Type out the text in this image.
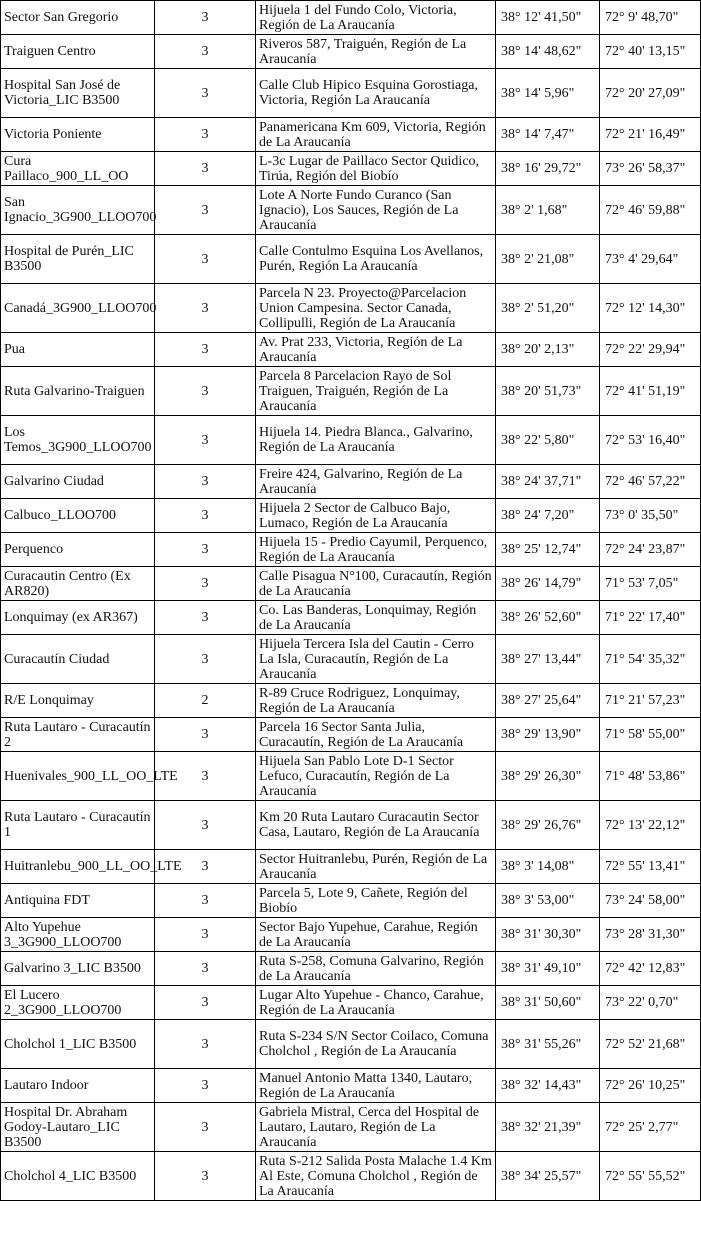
Sector San Gregorio	3	Hijuela 1 del Fundo Colo, Victoria, Región de La Araucanía	38° 12' 41,50"	72° 9' 48,70"
Traiguen Centro	3	Riveros 587, Traiguén, Región de La Araucanía	38° 14' 48,62"	72° 40' 13,15"
Hospital San José de Victoria_LIC B3500	3	Calle Club Hipico Esquina Gorostiaga, Victoria, Región La Araucanía	38° 14' 5,96"	72° 20' 27,09"
Victoria Poniente	3	Panamericana Km 609, Victoria, Región de La Araucanía	38° 14' 7,47"	72° 21' 16,49"
Cura Paillaco_900_LL_OO	3	L-3c Lugar de Paillaco Sector Quidico, Tirúa, Región del Biobío	38° 16' 29,72"	73° 26' 58,37"
San Ignacio_3G900_LLOO700	3	Lote A Norte Fundo Curanco (San Ignacio), Los Sauces, Región de La Araucanía	38° 2' 1,68"	72° 46' 59,88"
Hospital de Purén_LIC B3500	3	Calle Contulmo Esquina Los Avellanos, Purén, Región La Araucanía	38° 2' 21,08"	73° 4' 29,64"
Canadá_3G900_LLOO700	3	Parcela N 23. Proyecto@Parcelacion Union Campesina. Sector Canada, Collipulli, Región de La Araucanía	38° 2' 51,20"	72° 12' 14,30"
Pua	3	Av. Prat 233, Victoria, Región de La Araucanía	38° 20' 2,13"	72° 22' 29,94"
Ruta Galvarino-Traiguen	3	Parcela 8 Parcelacion Rayo de Sol Traiguen, Traiguén, Región de La Araucanía	38° 20' 51,73"	72° 41' 51,19"
Los Temos_3G900_LLOO700	3	Hijuela 14. Piedra Blanca., Galvarino, Región de La Araucanía	38° 22' 5,80"	72° 53' 16,40"
Galvarino Ciudad	3	Freire 424, Galvarino, Región de La Araucanía	38° 24' 37,71"	72° 46' 57,22"
Calbuco_LLOO700	3	Hijuela 2 Sector de Calbuco Bajo, Lumaco, Región de La Araucanía	38° 24' 7,20"	73° 0' 35,50"
Perquenco	3	Hijuela 15 - Predio Cayumil, Perquenco, Región de La Araucanía	38° 25' 12,74"	72° 24' 23,87"
Curacautin Centro (Ex AR820)	3	Calle Pisagua N°100, Curacautín, Región de La Araucanía	38° 26' 14,79"	71° 53' 7,05"
Lonquimay (ex AR367)	3	Co. Las Banderas, Lonquimay, Región de La Araucanía	38° 26' 52,60"	71° 22' 17,40"
Curacautín Ciudad	3	Hijuela Tercera Isla del Cautin - Cerro La Isla, Curacautín, Región de La Araucanía	38° 27' 13,44"	71° 54' 35,32"
R/E Lonquimay	2	R-89 Cruce Rodriguez, Lonquimay, Región de La Araucanía	38° 27' 25,64"	71° 21' 57,23"
Ruta Lautaro - Curacautín 2	3	Parcela 16 Sector Santa Julia, Curacautín, Región de La Araucanía	38° 29' 13,90"	71° 58' 55,00"
Huenivales_900_LL_OO_LTE	3	Hijuela San Pablo Lote D-1 Sector Lefuco, Curacautín, Región de La Araucanía	38° 29' 26,30"	71° 48' 53,86"
Ruta Lautaro - Curacautín 1	3	Km 20 Ruta Lautaro Curacautin Sector Casa, Lautaro, Región de La Araucanía	38° 29' 26,76"	72° 13' 22,12"
Huitranlebu_900_LL_OO_LTE	3	Sector Huitranlebu, Purén, Región de La Araucanía	38° 3' 14,08"	72° 55' 13,41"
Antiquina FDT	3	Parcela 5, Lote 9, Cañete, Región del Biobío	38° 3' 53,00"	73° 24' 58,00"
Alto Yupehue 3_3G900_LLOO700	3	Sector Bajo Yupehue, Carahue, Región de La Araucanía	38° 31' 30,30"	73° 28' 31,30"
Galvarino 3_LIC B3500	3	Ruta S-258, Comuna Galvarino, Región de La Araucanía	38° 31' 49,10"	72° 42' 12,83"
El Lucero 2_3G900_LLOO700	3	Lugar Alto Yupehue - Chanco, Carahue, Región de La Araucanía	38° 31' 50,60"	73° 22' 0,70"
Cholchol 1_LIC B3500	3	Ruta S-234 S/N Sector Coilaco, Comuna Cholchol , Región de La Araucanía	38° 31' 55,26"	72° 52' 21,68"
Lautaro Indoor	3	Manuel Antonio Matta 1340, Lautaro, Región de La Araucanía	38° 32' 14,43"	72° 26' 10,25"
Hospital Dr. Abraham Godoy-Lautaro_LIC B3500	3	Gabriela Mistral, Cerca del Hospital de Lautaro, Lautaro, Región de La Araucanía	38° 32' 21,39"	72° 25' 2,77"
Cholchol 4_LIC B3500	3	Ruta S-212 Salida Posta Malache 1.4 Km Al Este, Comuna Cholchol , Región de La Araucanía	38° 34' 25,57"	72° 55' 55,52"
